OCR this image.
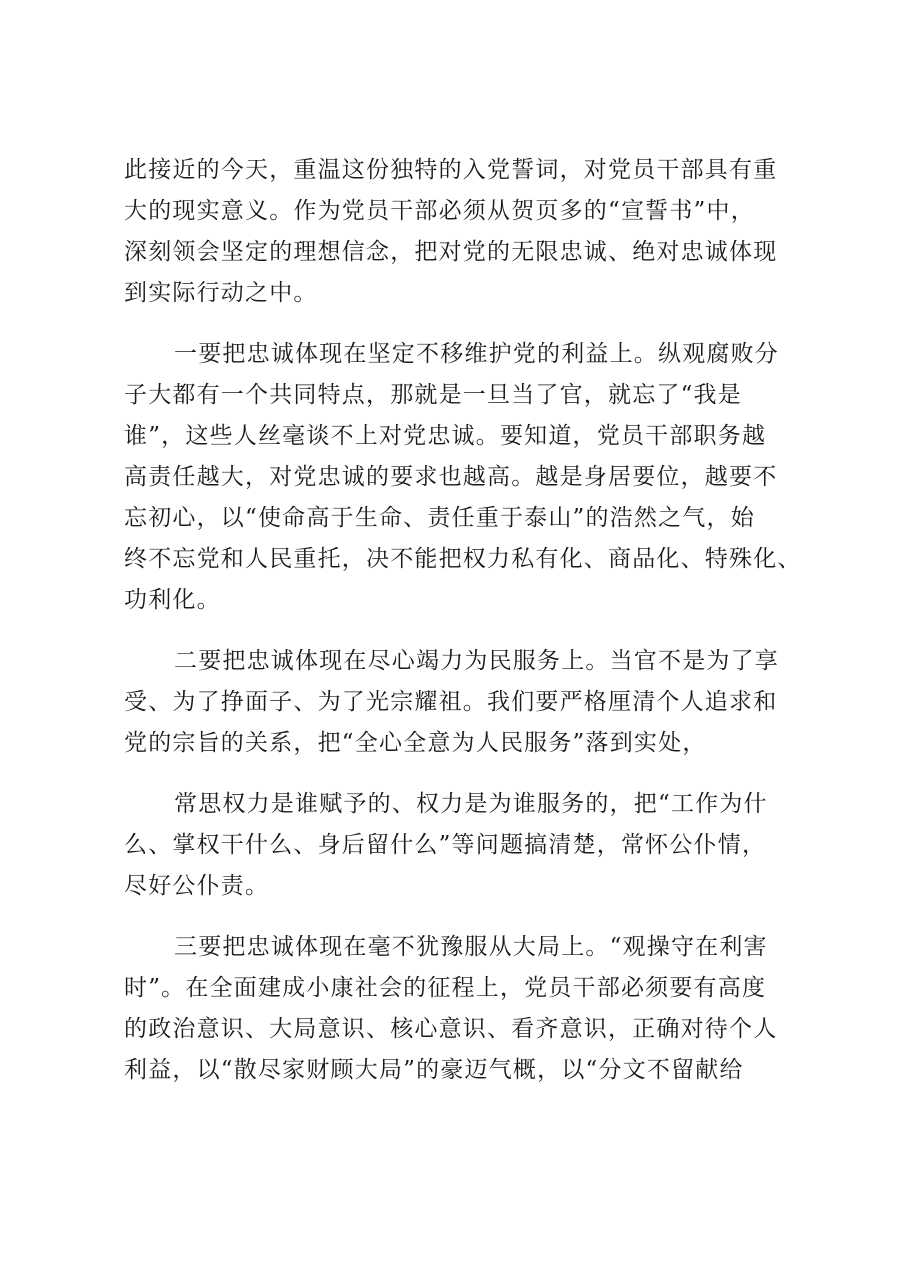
此接近的今天，重温这份独特的入党誓词，对党员干部具有重
大的现实意义。作为党员干部必须从贺页多的“宣誓书”中，
深刻领会坚定的理想信念，把对党的无限忠诚、绝对忠诚体现
到实际行动之中。
一要把忠诚体现在坚定不移维护党的利益上。纵观腐败分
子大都有一个共同特点，那就是一旦当了官，就忘了“我是
谁”，这些人丝毫谈不上对党忠诚。要知道，党员干部职务越
高责任越大，对党忠诚的要求也越高。越是身居要位，越要不
忘初心，以“使命高于生命、责任重于泰山”的浩然之气，始
终不忘党和人民重托，决不能把权力私有化、商品化、特殊化、
功利化。
二要把忠诚体现在尽心竭力为民服务上。当官不是为了享
受、为了挣面子、为了光宗耀祖。我们要严格厘清个人追求和
党的宗旨的关系，把“全心全意为人民服务”落到实处，
常思权力是谁赋予的、权力是为谁服务的，把“工作为什
么、掌权干什么、身后留什么”等问题搞清楚，常怀公仆情，
尽好公仆责。
三要把忠诚体现在毫不犹豫服从大局上。“观操守在利害
时”。在全面建成小康社会的征程上，党员干部必须要有高度
的政治意识、大局意识、核心意识、看齐意识，正确对待个人
利益，以“散尽家财顾大局”的豪迈气概，以“分文不留献给
